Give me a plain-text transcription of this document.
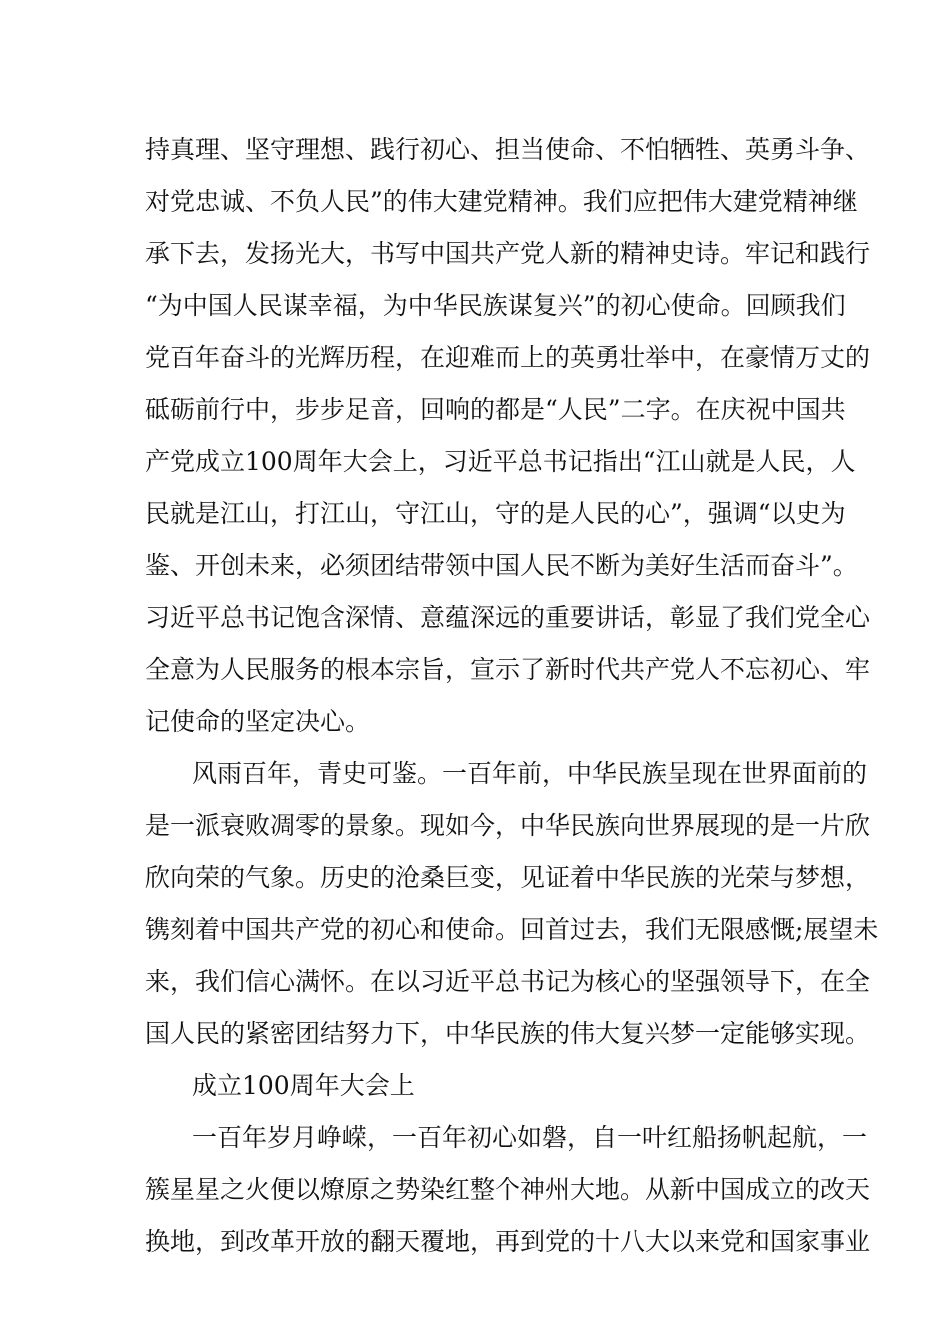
持真理、坚守理想、践行初心、担当使命、不怕牺牲、英勇斗争、
对党忠诚、不负人民”的伟大建党精神。我们应把伟大建党精神继
承下去，发扬光大，书写中国共产党人新的精神史诗。牢记和践行
“为中国人民谋幸福，为中华民族谋复兴”的初心使命。回顾我们
党百年奋斗的光辉历程，在迎难而上的英勇壮举中，在豪情万丈的
砥砺前行中，步步足音，回响的都是“人民”二字。在庆祝中国共
产党成立100周年大会上，习近平总书记指出“江山就是人民，人
民就是江山，打江山，守江山，守的是人民的心”，强调“以史为
鉴、开创未来，必须团结带领中国人民不断为美好生活而奋斗”。
习近平总书记饱含深情、意蕴深远的重要讲话，彰显了我们党全心
全意为人民服务的根本宗旨，宣示了新时代共产党人不忘初心、牢
记使命的坚定决心。
风雨百年，青史可鉴。一百年前，中华民族呈现在世界面前的
是一派衰败凋零的景象。现如今，中华民族向世界展现的是一片欣
欣向荣的气象。历史的沧桑巨变，见证着中华民族的光荣与梦想，
镌刻着中国共产党的初心和使命。回首过去，我们无限感慨;展望未
来，我们信心满怀。在以习近平总书记为核心的坚强领导下，在全
国人民的紧密团结努力下，中华民族的伟大复兴梦一定能够实现。
成立100周年大会上
一百年岁月峥嵘，一百年初心如磐，自一叶红船扬帆起航，一
簇星星之火便以燎原之势染红整个神州大地。从新中国成立的改天
换地，到改革开放的翻天覆地，再到党的十八大以来党和国家事业
